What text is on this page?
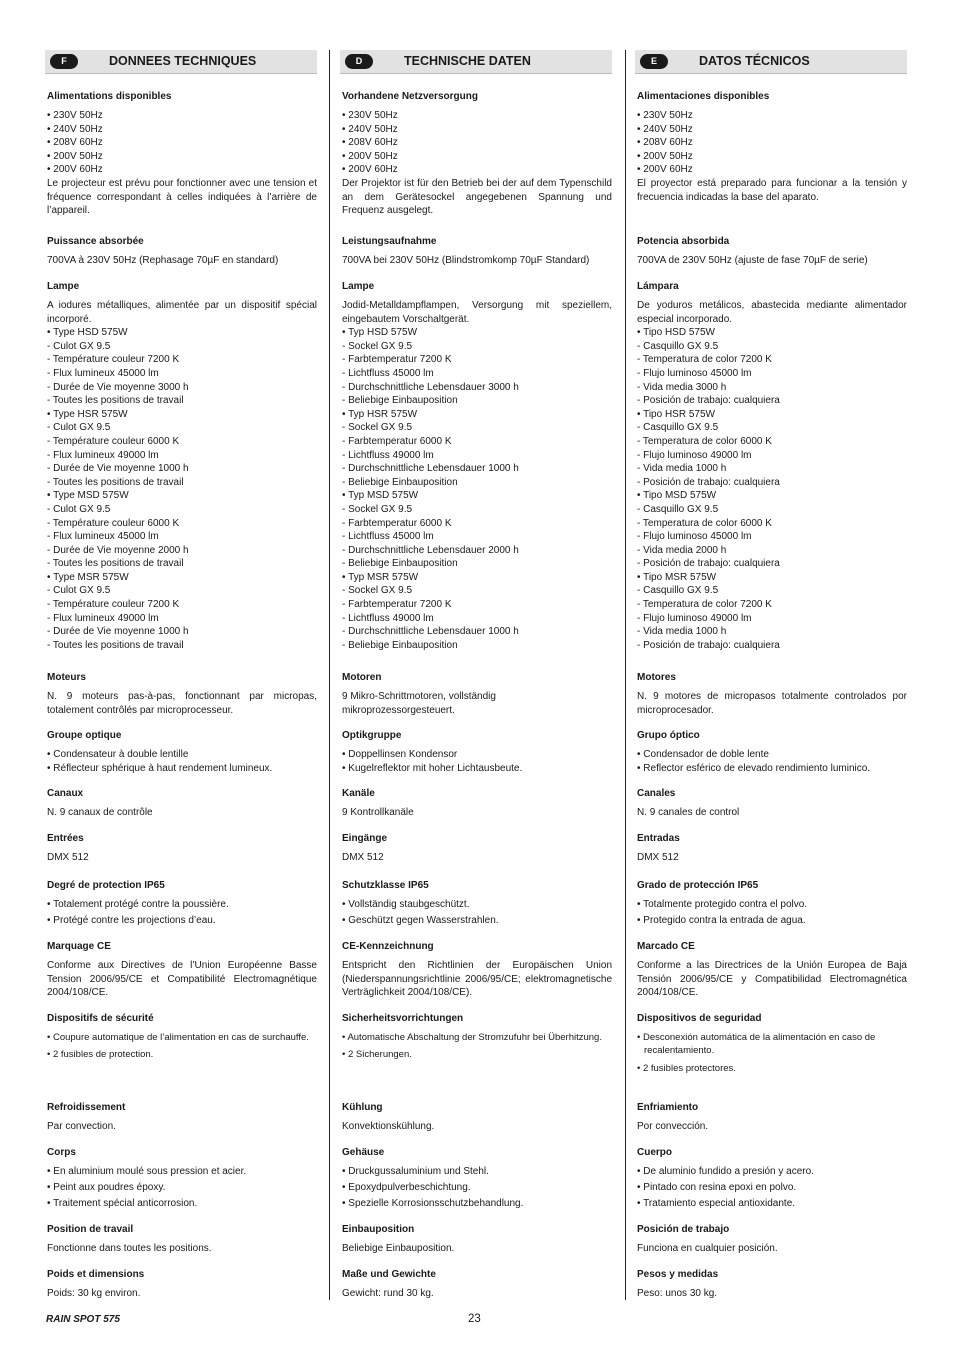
F	DONNEES TECHNIQUES
Alimentations disponibles
• 230V 50Hz
• 240V 50Hz
• 208V 60Hz
• 200V 50Hz
• 200V 60Hz
Le projecteur est prévu pour fonctionner avec une tension et fréquence correspondant à celles indiquées à l’arrière de l’appareil.
Puissance absorbée
700VA à 230V 50Hz (Rephasage 70µF en standard)
Lampe
A iodures métalliques, alimentée par un dispositif spécial incorporé.
• Type HSD 575W
- Culot GX 9.5
- Température couleur 7200 K
- Flux lumineux 45000 lm
- Durée de Vie moyenne 3000 h
- Toutes les positions de travail
• Type HSR 575W
- Culot GX 9.5
- Température couleur 6000 K
- Flux lumineux 49000 lm
- Durée de Vie moyenne 1000 h
- Toutes les positions de travail
• Type MSD 575W
- Culot GX 9.5
- Température couleur 6000 K
- Flux lumineux 45000 lm
- Durée de Vie moyenne 2000 h
- Toutes les positions de travail
• Type MSR 575W
- Culot GX 9.5
- Température couleur 7200 K
- Flux lumineux 49000 lm
- Durée de Vie moyenne 1000 h
- Toutes les positions de travail
Moteurs
N. 9 moteurs pas-à-pas, fonctionnant par micropas, totalement contrôlés par microprocesseur.
Groupe optique
• Condensateur à double lentille
• Réflecteur sphérique à haut rendement lumineux.
Canaux
N. 9 canaux de contrôle
Entrées
DMX 512
Degré de protection IP65
• Totalement protégé contre la poussière.
• Protégé contre les projections d’eau.
Marquage CE
Conforme aux Directives de l’Union Européenne Basse Tension 2006/95/CE et Compatibilité Electromagnétique 2004/108/CE.
Dispositifs de sécurité
• Coupure automatique de l’alimentation en cas de surchauffe.
• 2 fusibles de protection.
Refroidissement
Par convection.
Corps
• En aluminium moulé sous pression et acier.
• Peint aux poudres époxy.
• Traitement spécial anticorrosion.
Position de travail
Fonctionne dans toutes les positions.
Poids et dimensions
Poids: 30 kg environ.
D	TECHNISCHE DATEN
Vorhandene Netzversorgung
• 230V 50Hz
• 240V 50Hz
• 208V 60Hz
• 200V 50Hz
• 200V 60Hz
Der Projektor ist für den Betrieb bei der auf dem Typenschild an dem Gerätesockel angegebenen Spannung und Frequenz ausgelegt.
Leistungsaufnahme
700VA bei 230V 50Hz (Blindstromkomp 70µF Standard)
Lampe
Jodid-Metalldampflampen, Versorgung mit speziellem, eingebautem Vorschaltgerät.
• Typ HSD 575W
- Sockel GX 9.5
- Farbtemperatur 7200 K
- Lichtfluss 45000 lm
- Durchschnittliche Lebensdauer 3000 h
- Beliebige Einbauposition
• Typ HSR 575W
- Sockel GX 9.5
- Farbtemperatur 6000 K
- Lichtfluss 49000 lm
- Durchschnittliche Lebensdauer 1000 h
- Beliebige Einbauposition
• Typ MSD 575W
- Sockel GX 9.5
- Farbtemperatur 6000 K
- Lichtfluss 45000 lm
- Durchschnittliche Lebensdauer 2000 h
- Beliebige Einbauposition
• Typ MSR 575W
- Sockel GX 9.5
- Farbtemperatur 7200 K
- Lichtfluss 49000 lm
- Durchschnittliche Lebensdauer 1000 h
- Beliebige Einbauposition
Motoren
9 Mikro-Schrittmotoren, vollständig
mikroprozessorgesteuert.
Optikgruppe
• Doppellinsen Kondensor
• Kugelreflektor mit hoher Lichtausbeute.
Kanäle
9 Kontrollkanäle
Eingänge
DMX 512
Schutzklasse IP65
• Vollständig staubgeschützt.
• Geschützt gegen Wasserstrahlen.
CE-Kennzeichnung
Entspricht den Richtlinien der Europäischen Union (Niederspannungsrichtlinie 2006/95/CE; elektromagnetische Verträglichkeit 2004/108/CE).
Sicherheitsvorrichtungen
• Automatische Abschaltung der Stromzufuhr bei Überhitzung.
• 2 Sicherungen.
Kühlung
Konvektionskühlung.
Gehäuse
• Druckgussaluminium und Stehl.
• Epoxydpulverbeschichtung.
• Spezielle Korrosionsschutzbehandlung.
Einbauposition
Beliebige Einbauposition.
Maße und Gewichte
Gewicht: rund 30 kg.
E	DATOS TÉCNICOS
Alimentaciones disponibles
• 230V 50Hz
• 240V 50Hz
• 208V 60Hz
• 200V 50Hz
• 200V 60Hz
El proyector está preparado para funcionar a la tensión y frecuencia indicadas la base del aparato.
Potencia absorbida
700VA de 230V 50Hz (ajuste de fase 70µF de serie)
Lámpara
De yoduros metálicos, abastecida mediante alimentador especial incorporado.
• Tipo HSD 575W
- Casquillo GX 9.5
- Temperatura de color 7200 K
- Flujo luminoso 45000 lm
- Vida media 3000 h
- Posición de trabajo: cualquiera
• Tipo HSR 575W
- Casquillo GX 9.5
- Temperatura de color 6000 K
- Flujo luminoso 49000 lm
- Vida media 1000 h
- Posición de trabajo: cualquiera
• Tipo MSD 575W
- Casquillo GX 9.5
- Temperatura de color 6000 K
- Flujo luminoso 45000 lm
- Vida media 2000 h
- Posición de trabajo: cualquiera
• Tipo MSR 575W
- Casquillo GX 9.5
- Temperatura de color 7200 K
- Flujo luminoso 49000 lm
- Vida media 1000 h
- Posición de trabajo: cualquiera
Motores
N. 9 motores de micropasos totalmente controlados por microprocesador.
Grupo óptico
• Condensador de doble lente
• Reflector esférico de elevado rendimiento luminico.
Canales
N. 9 canales de control
Entradas
DMX 512
Grado de protección IP65
• Totalmente protegido contra el polvo.
• Protegido contra la entrada de agua.
Marcado CE
Conforme a las Directrices de la Unión Europea de Baja Tensión 2006/95/CE y Compatibilidad Electromagnética 2004/108/CE.
Dispositivos de seguridad
• Desconexión automática de la alimentación en caso de recalentamiento.
• 2 fusibles protectores.
Enfriamiento
Por convección.
Cuerpo
• De aluminio fundido a presión y acero.
• Pintado con resina epoxi en polvo.
• Tratamiento especial antioxidante.
Posición de trabajo
Funciona en cualquier posición.
Pesos y medidas
Peso: unos 30 kg.
RAIN SPOT 575	23
